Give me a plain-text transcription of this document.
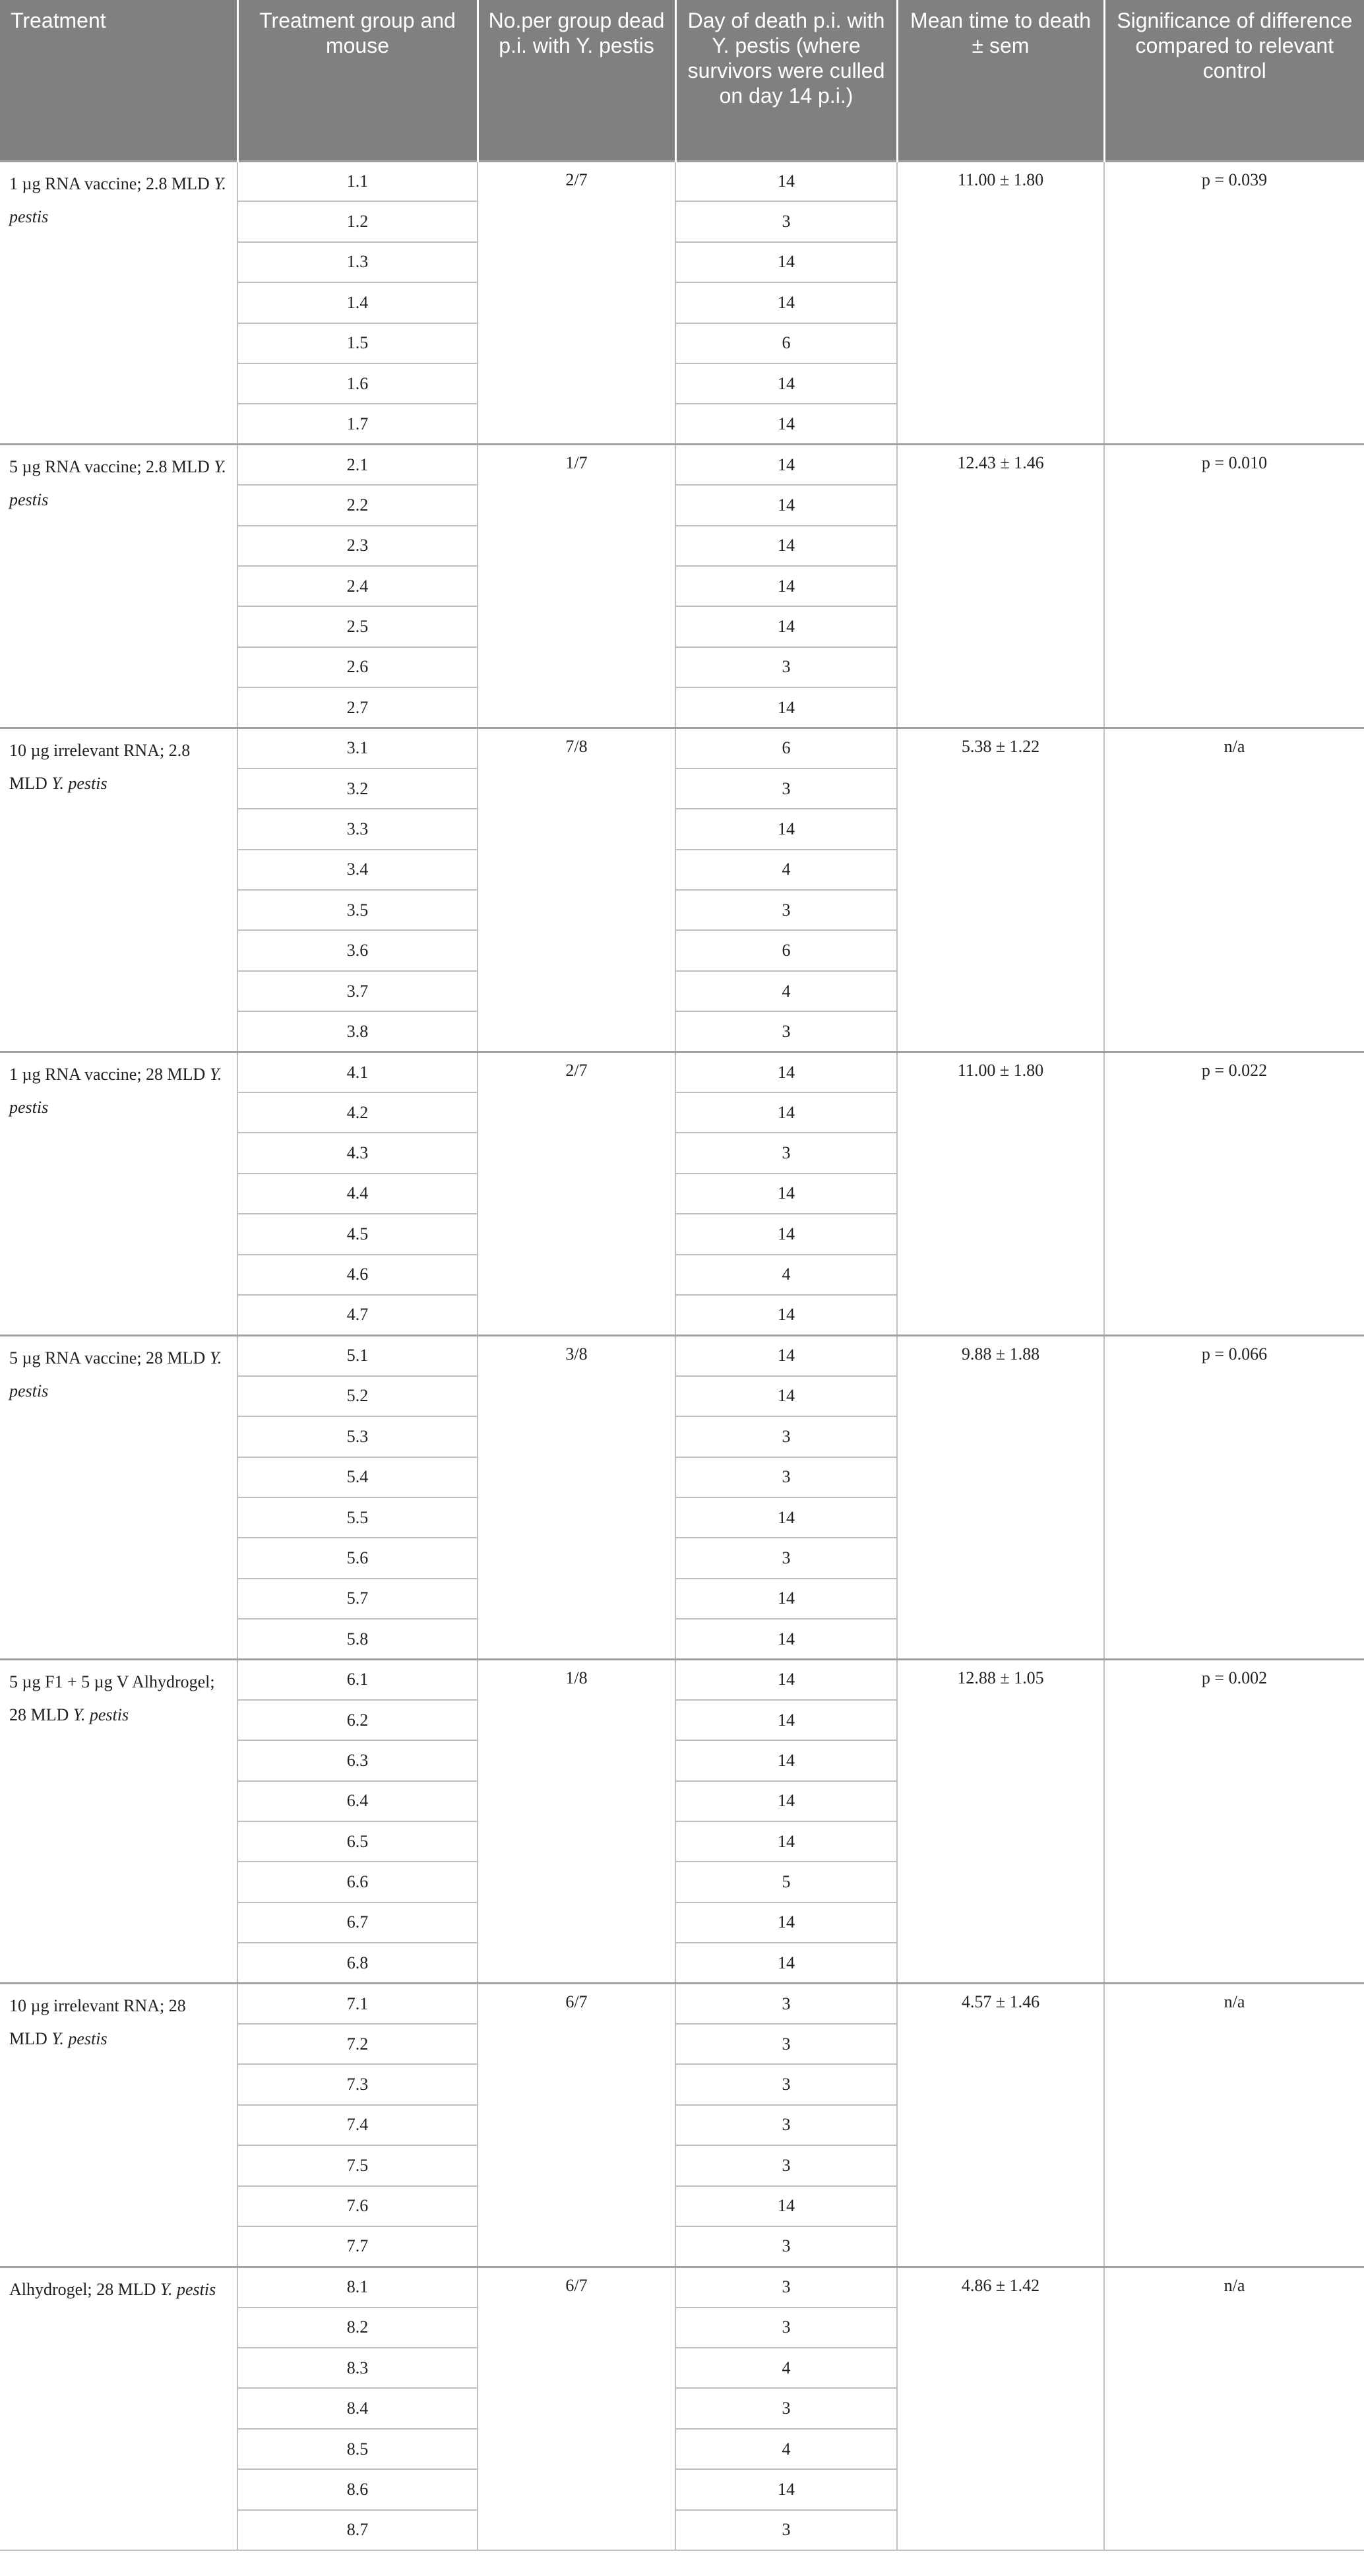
Treatment	Treatment group and mouse	No.per group dead p.i. with Y. pestis	Day of death p.i. with Y. pestis (where survivors were culled on day 14 p.i.)	Mean time to death ± sem	Significance of difference compared to relevant control
1 µg RNA vaccine; 2.8 MLD Y. pestis	1.1	2/7	14	11.00 ± 1.80	p = 0.039
	1.2		3		
	1.3		14		
	1.4		14		
	1.5		6		
	1.6		14		
	1.7		14		
5 µg RNA vaccine; 2.8 MLD Y. pestis	2.1	1/7	14	12.43 ± 1.46	p = 0.010
	2.2		14		
	2.3		14		
	2.4		14		
	2.5		14		
	2.6		3		
	2.7		14		
10 µg irrelevant RNA; 2.8 MLD Y. pestis	3.1	7/8	6	5.38 ± 1.22	n/a
	3.2		3		
	3.3		14		
	3.4		4		
	3.5		3		
	3.6		6		
	3.7		4		
	3.8		3		
1 µg RNA vaccine; 28 MLD Y. pestis	4.1	2/7	14	11.00 ± 1.80	p = 0.022
	4.2		14		
	4.3		3		
	4.4		14		
	4.5		14		
	4.6		4		
	4.7		14		
5 µg RNA vaccine; 28 MLD Y. pestis	5.1	3/8	14	9.88 ± 1.88	p = 0.066
	5.2		14		
	5.3		3		
	5.4		3		
	5.5		14		
	5.6		3		
	5.7		14		
	5.8		14		
5 µg F1 + 5 µg V Alhydrogel; 28 MLD Y. pestis	6.1	1/8	14	12.88 ± 1.05	p = 0.002
	6.2		14		
	6.3		14		
	6.4		14		
	6.5		14		
	6.6		5		
	6.7		14		
	6.8		14		
10 µg irrelevant RNA; 28 MLD Y. pestis	7.1	6/7	3	4.57 ± 1.46	n/a
	7.2		3		
	7.3		3		
	7.4		3		
	7.5		3		
	7.6		14		
	7.7		3		
Alhydrogel; 28 MLD Y. pestis	8.1	6/7	3	4.86 ± 1.42	n/a
	8.2		3		
	8.3		4		
	8.4		3		
	8.5		4		
	8.6		14		
	8.7		3		
